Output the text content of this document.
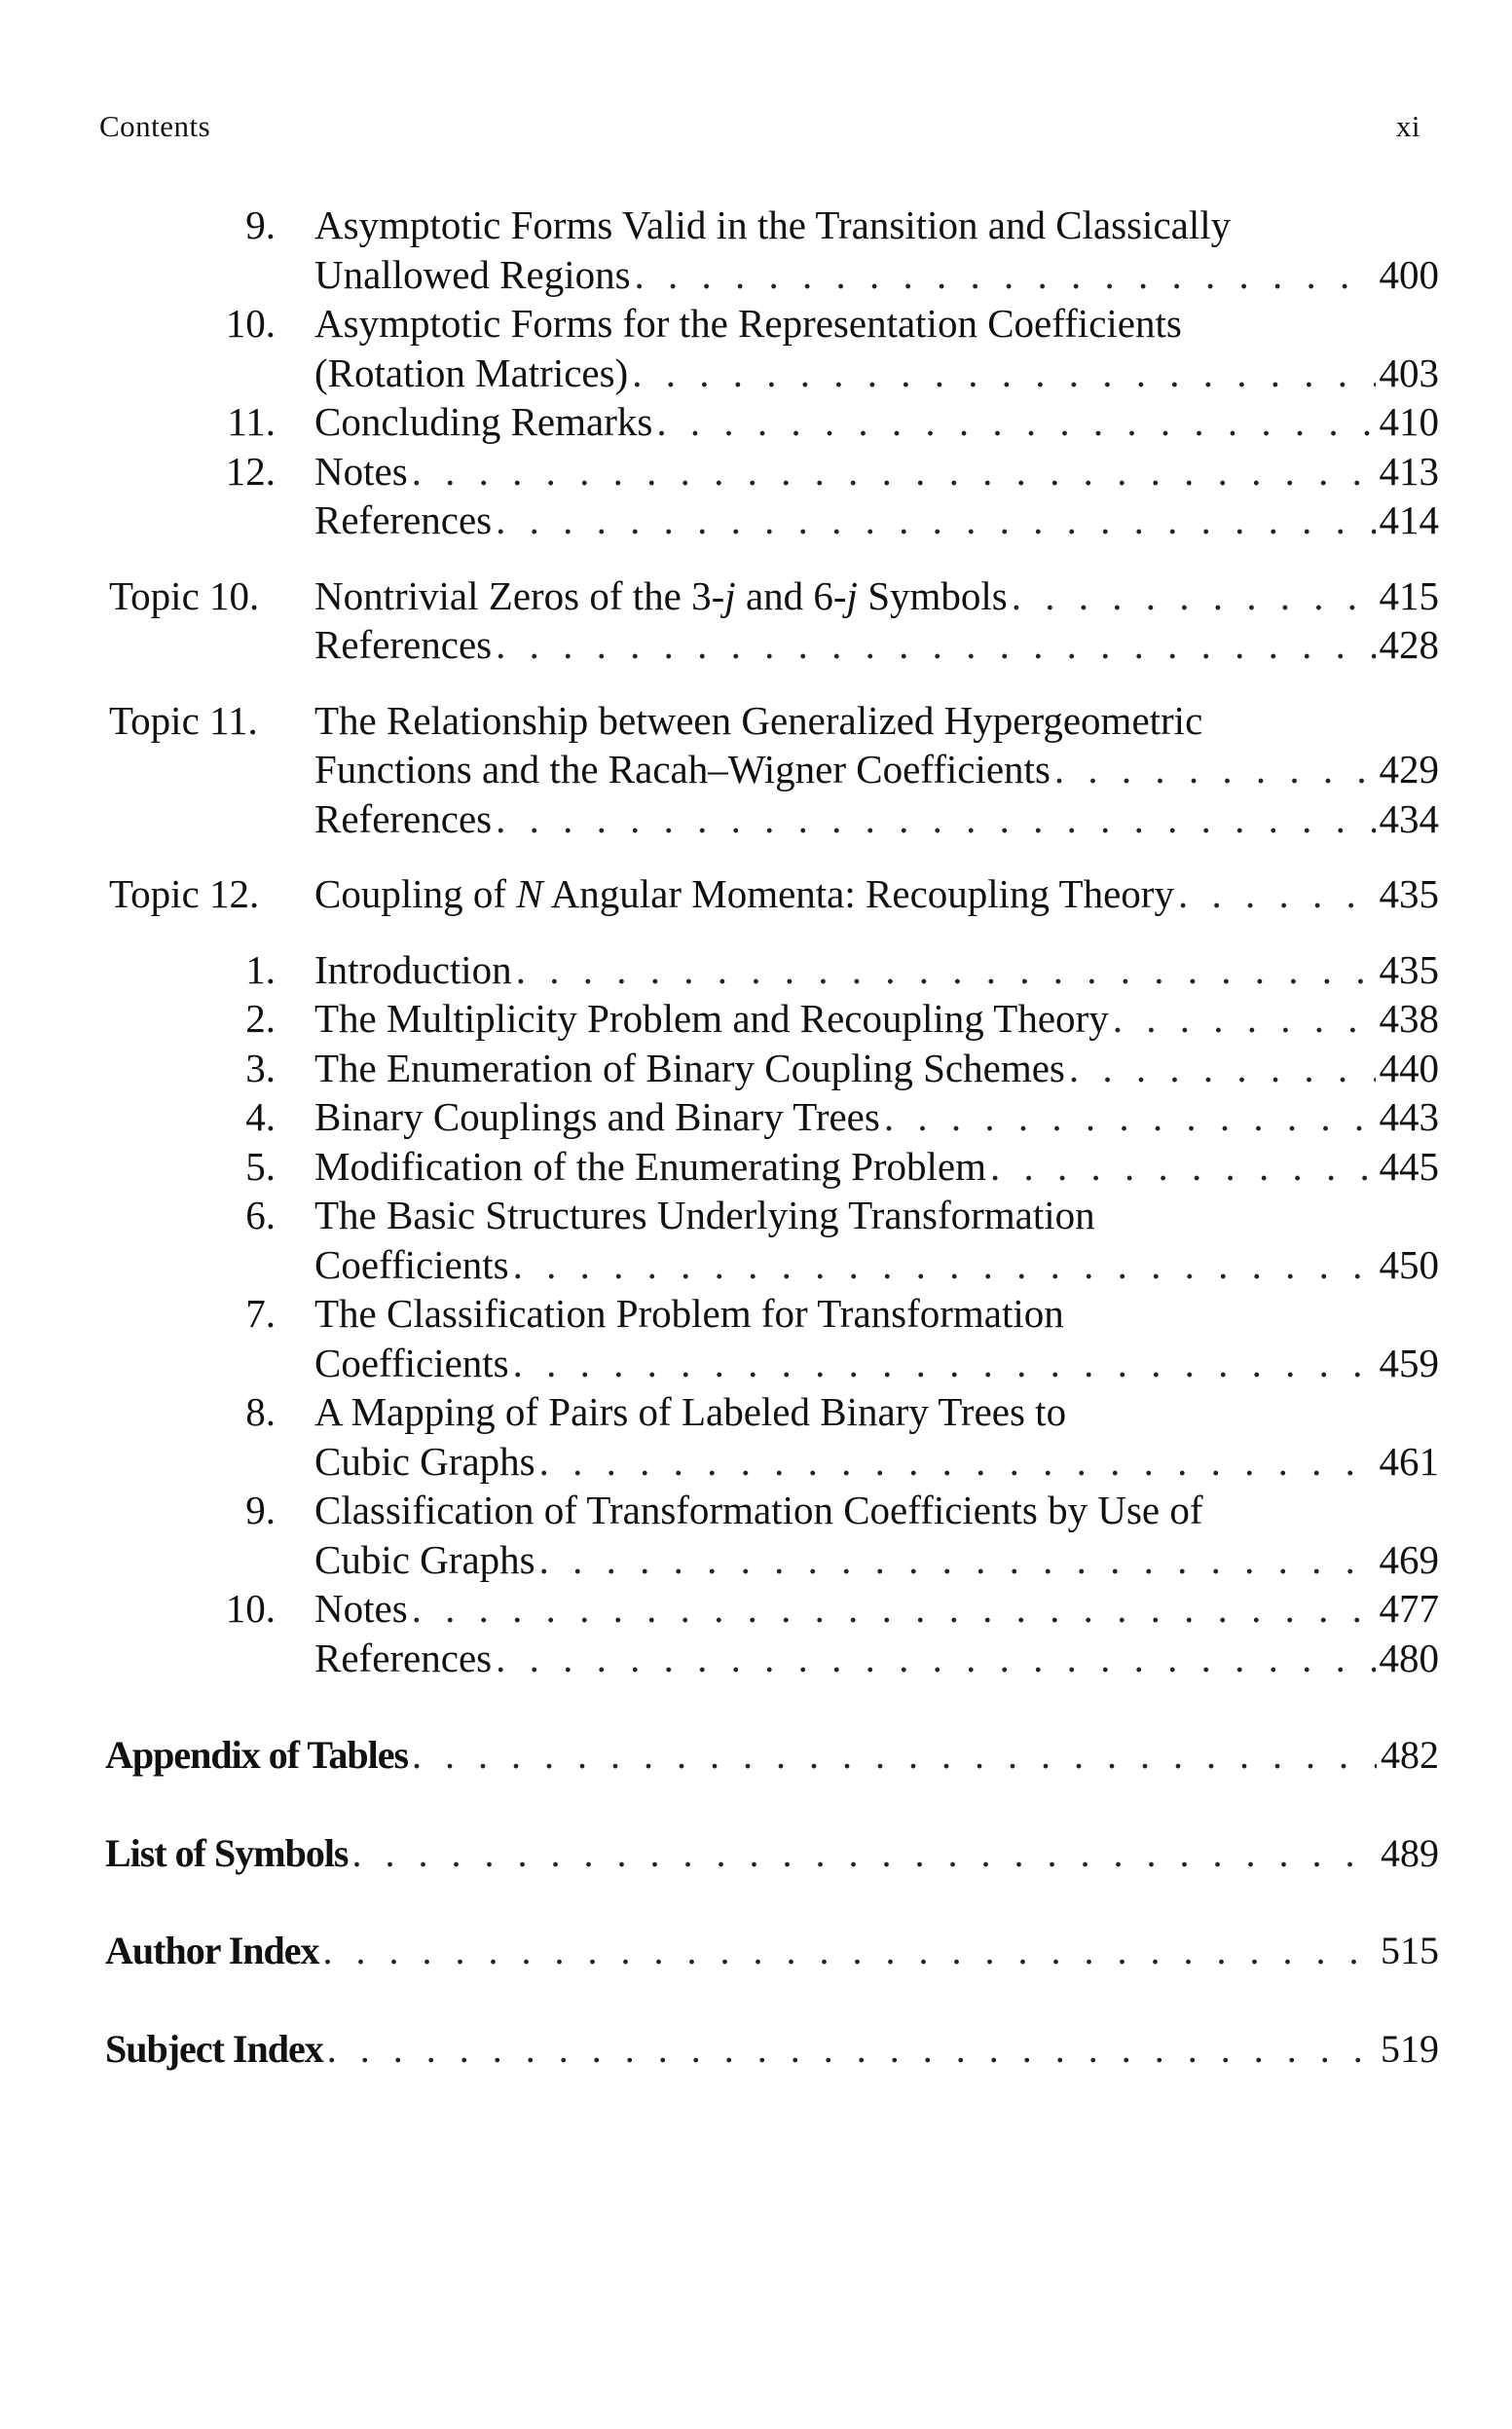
Contents	xi
9. Asymptotic Forms Valid in the Transition and Classically
Unallowed Regions . . .	400
10. Asymptotic Forms for the Representation Coefficients
(Rotation Matrices) . . .	403
11. Concluding Remarks . . .	410
12. Notes . . .	413
References . . .	414
Topic 10.	Nontrivial Zeros of the 3-j and 6-j Symbols . . .	415
References . . .	428
Topic 11.	The Relationship between Generalized Hypergeometric
Functions and the Racah–Wigner Coefficients . . .	429
References . . .	434
Topic 12.	Coupling of N Angular Momenta: Recoupling Theory . . .	435
1. Introduction . . .	435
2. The Multiplicity Problem and Recoupling Theory . . .	438
3. The Enumeration of Binary Coupling Schemes . . .	440
4. Binary Couplings and Binary Trees . . .	443
5. Modification of the Enumerating Problem . . .	445
6. The Basic Structures Underlying Transformation
Coefficients . . .	450
7. The Classification Problem for Transformation
Coefficients . . .	459
8. A Mapping of Pairs of Labeled Binary Trees to
Cubic Graphs . . .	461
9. Classification of Transformation Coefficients by Use of
Cubic Graphs . . .	469
10. Notes . . .	477
References . . .	480
Appendix of Tables . . .	482
List of Symbols . . .	489
Author Index . . .	515
Subject Index . . .	519
